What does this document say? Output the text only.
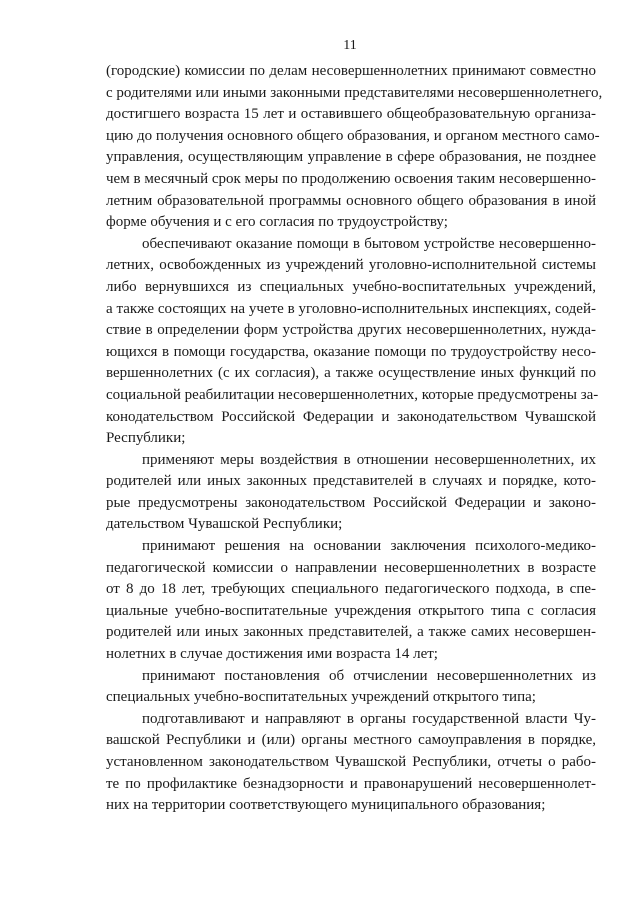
11
(городские) комиссии по делам несовершеннолетних принимают совместно
с родителями или иными законными представителями несовершеннолетнего,
достигшего возраста 15 лет и оставившего общеобразовательную организа-
цию до получения основного общего образования, и органом местного само-
управления, осуществляющим управление в сфере образования, не позднее
чем в месячный срок меры по продолжению освоения таким несовершенно-
летним образовательной программы основного общего образования в иной
форме обучения и с его согласия по трудоустройству;
обеспечивают оказание помощи в бытовом устройстве несовершенно-
летних, освобожденных из учреждений уголовно-исполнительной системы
либо вернувшихся из специальных учебно-воспитательных учреждений,
а также состоящих на учете в уголовно-исполнительных инспекциях, содей-
ствие в определении форм устройства других несовершеннолетних, нужда-
ющихся в помощи государства, оказание помощи по трудоустройству несо-
вершеннолетних (с их согласия), а также осуществление иных функций по
социальной реабилитации несовершеннолетних, которые предусмотрены за-
конодательством Российской Федерации и законодательством Чувашской
Республики;
применяют меры воздействия в отношении несовершеннолетних, их
родителей или иных законных представителей в случаях и порядке, кото-
рые предусмотрены законодательством Российской Федерации и законо-
дательством Чувашской Республики;
принимают решения на основании заключения психолого-медико-
педагогической комиссии о направлении несовершеннолетних в возрасте
от 8 до 18 лет, требующих специального педагогического подхода, в спе-
циальные учебно-воспитательные учреждения открытого типа с согласия
родителей или иных законных представителей, а также самих несовершен-
нолетних в случае достижения ими возраста 14 лет;
принимают постановления об отчислении несовершеннолетних из
специальных учебно-воспитательных учреждений открытого типа;
подготавливают и направляют в органы государственной власти Чу-
вашской Республики и (или) органы местного самоуправления в порядке,
установленном законодательством Чувашской Республики, отчеты о рабо-
те по профилактике безнадзорности и правонарушений несовершеннолет-
них на территории соответствующего муниципального образования;
